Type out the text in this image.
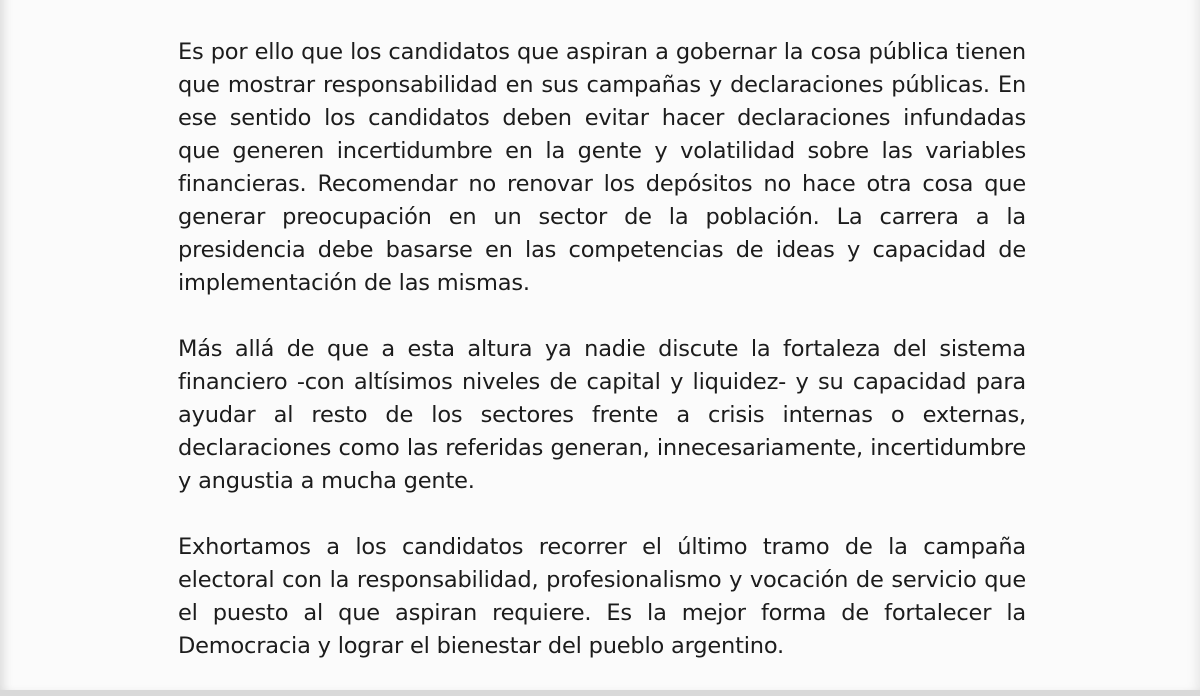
Es por ello que los candidatos que aspiran a gobernar la cosa pública tienen que mostrar responsabilidad en sus campañas y declaraciones públicas. En ese sentido los candidatos deben evitar hacer declaraciones infundadas que generen incertidumbre en la gente y volatilidad sobre las variables financieras. Recomendar no renovar los depósitos no hace otra cosa que generar preocupación en un sector de la población. La carrera a la presidencia debe basarse en las competencias de ideas y capacidad de implementación de las mismas.

Más allá de que a esta altura ya nadie discute la fortaleza del sistema financiero -con altísimos niveles de capital y liquidez- y su capacidad para ayudar al resto de los sectores frente a crisis internas o externas, declaraciones como las referidas generan, innecesariamente, incertidumbre y angustia a mucha gente.

Exhortamos a los candidatos recorrer el último tramo de la campaña electoral con la responsabilidad, profesionalismo y vocación de servicio que el puesto al que aspiran requiere. Es la mejor forma de fortalecer la Democracia y lograr el bienestar del pueblo argentino.
